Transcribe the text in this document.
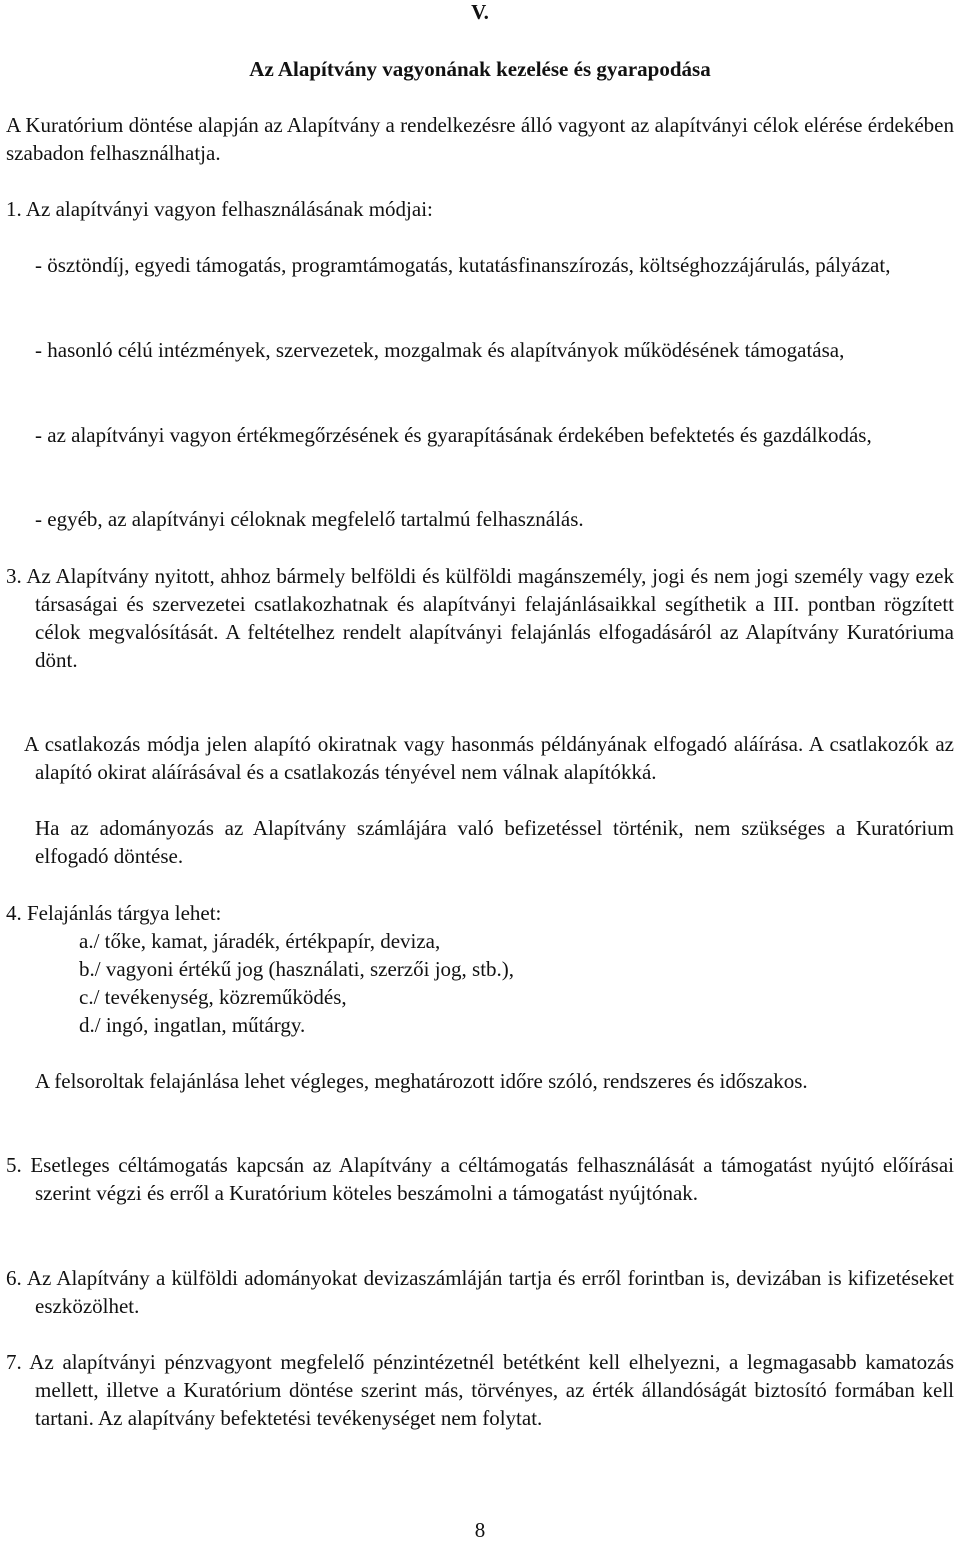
V.

Az Alapítvány vagyonának kezelése és gyarapodása

A Kuratórium döntése alapján az Alapítvány a rendelkezésre álló vagyont az alapítványi célok elérése érdekében szabadon felhasználhatja.

1. Az alapítványi vagyon felhasználásának módjai:

- ösztöndíj, egyedi támogatás, programtámogatás, kutatásfinanszírozás, költséghozzájárulás, pályázat,

- hasonló célú intézmények, szervezetek, mozgalmak és alapítványok működésének támogatása,

- az alapítványi vagyon értékmegőrzésének és gyarapításának érdekében befektetés és gazdálkodás,

- egyéb, az alapítványi céloknak megfelelő tartalmú felhasználás.

3. Az Alapítvány nyitott, ahhoz bármely belföldi és külföldi magánszemély, jogi és nem jogi személy vagy ezek társaságai és szervezetei csatlakozhatnak és alapítványi felajánlásaikkal segíthetik a III. pontban rögzített célok megvalósítását. A feltételhez rendelt alapítványi felajánlás elfogadásáról az Alapítvány Kuratóriuma dönt.

A csatlakozás módja jelen alapító okiratnak vagy hasonmás példányának elfogadó aláírása. A csatlakozók az alapító okirat aláírásával és a csatlakozás tényével nem válnak alapítókká.

Ha az adományozás az Alapítvány számlájára való befizetéssel történik, nem szükséges a Kuratórium elfogadó döntése.

4. Felajánlás tárgya lehet:

a./ tőke, kamat, járadék, értékpapír, deviza,
b./ vagyoni értékű jog (használati, szerzői jog, stb.),
c./ tevékenység, közreműködés,
d./ ingó, ingatlan, műtárgy.

A felsoroltak felajánlása lehet végleges, meghatározott időre szóló, rendszeres és időszakos.

5. Esetleges céltámogatás kapcsán az Alapítvány a céltámogatás felhasználását a támogatást nyújtó előírásai szerint végzi és erről a Kuratórium köteles beszámolni a támogatást nyújtónak.

6. Az Alapítvány a külföldi adományokat devizaszámláján tartja és erről forintban is, devizában is kifizetéseket eszközölhet.

7. Az alapítványi pénzvagyont megfelelő pénzintézetnél betétként kell elhelyezni, a legmagasabb kamatozás mellett, illetve a Kuratórium döntése szerint más, törvényes, az érték állandóságát biztosító formában kell tartani. Az alapítvány befektetési tevékenységet nem folytat.

8
